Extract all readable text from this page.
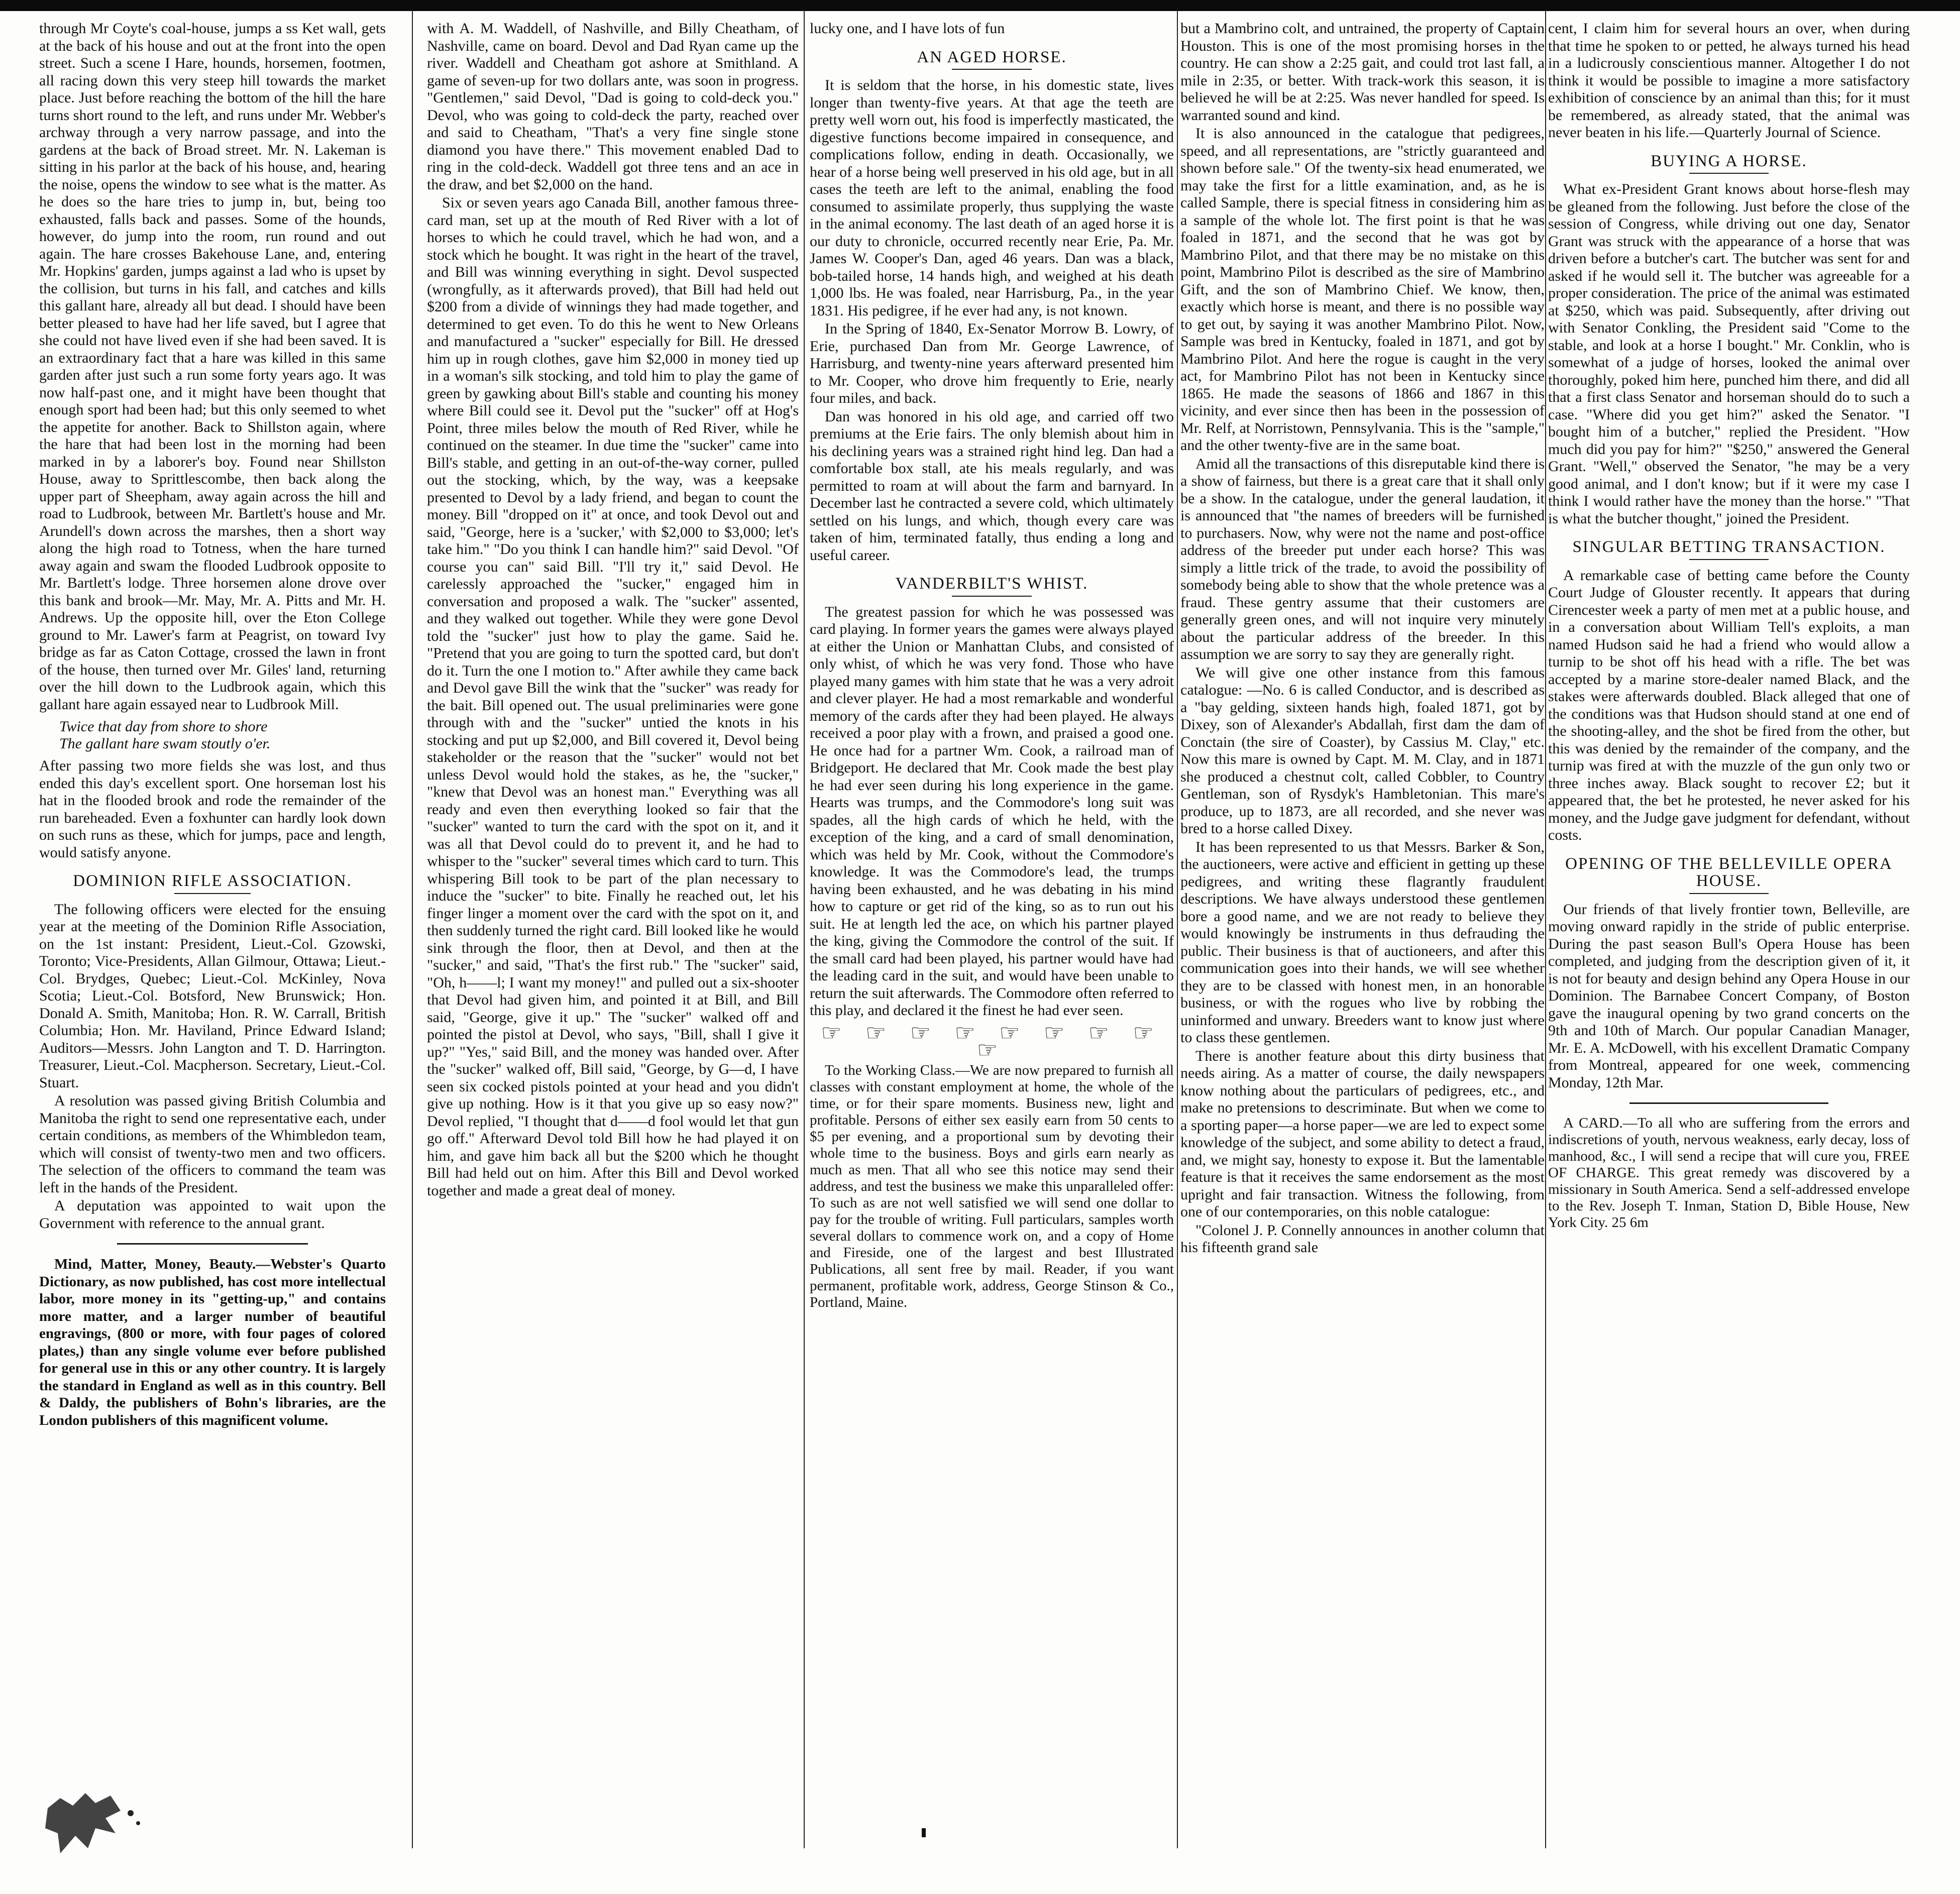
through Mr Coyte's coal-house, jumps a ss Ket wall, gets at the back of his house and out at the front into the open street. Such a scene I Hare, hounds, horsemen, footmen, all racing down this very steep hill towards the market place. Just before reaching the bottom of the hill the hare turns short round to the left, and runs under Mr. Webber's archway through a very narrow passage, and into the gardens at the back of Broad street. Mr. N. Lakeman is sitting in his parlor at the back of his house, and, hearing the noise, opens the window to see what is the matter. As he does so the hare tries to jump in, but, being too exhausted, falls back and passes. Some of the hounds, however, do jump into the room, run round and out again. The hare crosses Bakehouse Lane, and, entering Mr. Hopkins' garden, jumps against a lad who is upset by the collision, but turns in his fall, and catches and kills this gallant hare, already all but dead. I should have been better pleased to have had her life saved, but I agree that she could not have lived even if she had been saved. It is an extraordinary fact that a hare was killed in this same garden after just such a run some forty years ago. It was now half-past one, and it might have been thought that enough sport had been had; but this only seemed to whet the appetite for another. Back to Shillston again, where the hare that had been lost in the morning had been marked in by a laborer's boy. Found near Shillston House, away to Sprittlescombe, then back along the upper part of Sheepham, away again across the hill and road to Ludbrook, between Mr. Bartlett's house and Mr. Arundell's down across the marshes, then a short way along the high road to Totness, when the hare turned away again and swam the flooded Ludbrook opposite to Mr. Bartlett's lodge. Three horsemen alone drove over this bank and brook—Mr. May, Mr. A. Pitts and Mr. H. Andrews. Up the opposite hill, over the Eton College ground to Mr. Lawer's farm at Peagrist, on toward Ivy bridge as far as Caton Cottage, crossed the lawn in front of the house, then turned over Mr. Giles' land, returning over the hill down to the Ludbrook again, which this gallant hare again essayed near to Ludbrook Mill.

Twice that day from shore to shore
The gallant hare swam stoutly o'er.

After passing two more fields she was lost, and thus ended this day's excellent sport. One horseman lost his hat in the flooded brook and rode the remainder of the run bareheaded. Even a foxhunter can hardly look down on such runs as these, which for jumps, pace and length, would satisfy anyone.

DOMINION RIFLE ASSOCIATION.

The following officers were elected for the ensuing year at the meeting of the Dominion Rifle Association, on the 1st instant: President, Lieut.-Col. Gzowski, Toronto; Vice-Presidents, Allan Gilmour, Ottawa; Lieut.-Col. Brydges, Quebec; Lieut.-Col. McKinley, Nova Scotia; Lieut.-Col. Botsford, New Brunswick; Hon. Donald A. Smith, Manitoba; Hon. R. W. Carrall, British Columbia; Hon. Mr. Haviland, Prince Edward Island; Auditors—Messrs. John Langton and T. D. Harrington. Treasurer, Lieut.-Col. Macpherson. Secretary, Lieut.-Col. Stuart.

A resolution was passed giving British Columbia and Manitoba the right to send one representative each, under certain conditions, as members of the Whimbledon team, which will consist of twenty-two men and two officers. The selection of the officers to command the team was left in the hands of the President.

A deputation was appointed to wait upon the Government with reference to the annual grant.

Mind, Matter, Money, Beauty.—Webster's Quarto Dictionary, as now published, has cost more intellectual labor, more money in its "getting-up," and contains more matter, and a larger number of beautiful engravings, (800 or more, with four pages of colored plates,) than any single volume ever before published for general use in this or any other country. It is largely the standard in England as well as in this country. Bell & Daldy, the publishers of Bohn's libraries, are the London publishers of this magnificent volume.

with A. M. Waddell, of Nashville, and Billy Cheatham, of Nashville, came on board. Devol and Dad Ryan came up the river. Waddell and Cheatham got ashore at Smithland. A game of seven-up for two dollars ante, was soon in progress. "Gentlemen," said Devol, "Dad is going to cold-deck you." Devol, who was going to cold-deck the party, reached over and said to Cheatham, "That's a very fine single stone diamond you have there." This movement enabled Dad to ring in the cold-deck. Waddell got three tens and an ace in the draw, and bet $2,000 on the hand.

Six or seven years ago Canada Bill, another famous three-card man, set up at the mouth of Red River with a lot of horses to which he could travel, which he had won, and a stock which he bought. It was right in the heart of the travel, and Bill was winning everything in sight. Devol suspected (wrongfully, as it afterwards proved), that Bill had held out $200 from a divide of winnings they had made together, and determined to get even. To do this he went to New Orleans and manufactured a "sucker" especially for Bill. He dressed him up in rough clothes, gave him $2,000 in money tied up in a woman's silk stocking, and told him to play the game of green by gawking about Bill's stable and counting his money where Bill could see it. Devol put the "sucker" off at Hog's Point, three miles below the mouth of Red River, while he continued on the steamer. In due time the "sucker" came into Bill's stable, and getting in an out-of-the-way corner, pulled out the stocking, which, by the way, was a keepsake presented to Devol by a lady friend, and began to count the money. Bill "dropped on it" at once, and took Devol out and said, "George, here is a 'sucker,' with $2,000 to $3,000; let's take him." "Do you think I can handle him?" said Devol. "Of course you can" said Bill. "I'll try it," said Devol. He carelessly approached the "sucker," engaged him in conversation and proposed a walk. The "sucker" assented, and they walked out together. While they were gone Devol told the "sucker" just how to play the game. Said he. "Pretend that you are going to turn the spotted card, but don't do it. Turn the one I motion to." After awhile they came back and Devol gave Bill the wink that the "sucker" was ready for the bait. Bill opened out. The usual preliminaries were gone through with and the "sucker" untied the knots in his stocking and put up $2,000, and Bill covered it, Devol being stakeholder or the reason that the "sucker" would not bet unless Devol would hold the stakes, as he, the "sucker," "knew that Devol was an honest man." Everything was all ready and even then everything looked so fair that the "sucker" wanted to turn the card with the spot on it, and it was all that Devol could do to prevent it, and he had to whisper to the "sucker" several times which card to turn. This whispering Bill took to be part of the plan necessary to induce the "sucker" to bite. Finally he reached out, let his finger linger a moment over the card with the spot on it, and then suddenly turned the right card. Bill looked like he would sink through the floor, then at Devol, and then at the "sucker," and said, "That's the first rub." The "sucker" said, "Oh, h——l; I want my money!" and pulled out a six-shooter that Devol had given him, and pointed it at Bill, and Bill said, "George, give it up." The "sucker" walked off and pointed the pistol at Devol, who says, "Bill, shall I give it up?" "Yes," said Bill, and the money was handed over. After the "sucker" walked off, Bill said, "George, by G—d, I have seen six cocked pistols pointed at your head and you didn't give up nothing. How is it that you give up so easy now?" Devol replied, "I thought that d——d fool would let that gun go off." Afterward Devol told Bill how he had played it on him, and gave him back all but the $200 which he thought Bill had held out on him. After this Bill and Devol worked together and made a great deal of money.

lucky one, and I have lots of fun

AN AGED HORSE.

It is seldom that the horse, in his domestic state, lives longer than twenty-five years. At that age the teeth are pretty well worn out, his food is imperfectly masticated, the digestive functions become impaired in consequence, and complications follow, ending in death. Occasionally, we hear of a horse being well preserved in his old age, but in all cases the teeth are left to the animal, enabling the food consumed to assimilate properly, thus supplying the waste in the animal economy. The last death of an aged horse it is our duty to chronicle, occurred recently near Erie, Pa. Mr. James W. Cooper's Dan, aged 46 years. Dan was a black, bob-tailed horse, 14 hands high, and weighed at his death 1,000 lbs. He was foaled, near Harrisburg, Pa., in the year 1831. His pedigree, if he ever had any, is not known.

In the Spring of 1840, Ex-Senator Morrow B. Lowry, of Erie, purchased Dan from Mr. George Lawrence, of Harrisburg, and twenty-nine years afterward presented him to Mr. Cooper, who drove him frequently to Erie, nearly four miles, and back.

Dan was honored in his old age, and carried off two premiums at the Erie fairs. The only blemish about him in his declining years was a strained right hind leg. Dan had a comfortable box stall, ate his meals regularly, and was permitted to roam at will about the farm and barnyard. In December last he contracted a severe cold, which ultimately settled on his lungs, and which, though every care was taken of him, terminated fatally, thus ending a long and useful career.

VANDERBILT'S WHIST.

The greatest passion for which he was possessed was card playing. In former years the games were always played at either the Union or Manhattan Clubs, and consisted of only whist, of which he was very fond. Those who have played many games with him state that he was a very adroit and clever player. He had a most remarkable and wonderful memory of the cards after they had been played. He always received a poor play with a frown, and praised a good one. He once had for a partner Wm. Cook, a railroad man of Bridgeport. He declared that Mr. Cook made the best play he had ever seen during his long experience in the game. Hearts was trumps, and the Commodore's long suit was spades, all the high cards of which he held, with the exception of the king, and a card of small denomination, which was held by Mr. Cook, without the Commodore's knowledge. It was the Commodore's lead, the trumps having been exhausted, and he was debating in his mind how to capture or get rid of the king, so as to run out his suit. He at length led the ace, on which his partner played the king, giving the Commodore the control of the suit. If the small card had been played, his partner would have had the leading card in the suit, and would have been unable to return the suit afterwards. The Commodore often referred to this play, and declared it the finest he had ever seen.

☞ ☞ ☞ ☞ ☞ ☞ ☞ ☞ ☞

To the Working Class.—We are now prepared to furnish all classes with constant employment at home, the whole of the time, or for their spare moments. Business new, light and profitable. Persons of either sex easily earn from 50 cents to $5 per evening, and a proportional sum by devoting their whole time to the business. Boys and girls earn nearly as much as men. That all who see this notice may send their address, and test the business we make this unparalleled offer: To such as are not well satisfied we will send one dollar to pay for the trouble of writing. Full particulars, samples worth several dollars to commence work on, and a copy of Home and Fireside, one of the largest and best Illustrated Publications, all sent free by mail. Reader, if you want permanent, profitable work, address, George Stinson & Co., Portland, Maine.

but a Mambrino colt, and untrained, the property of Captain Houston. This is one of the most promising horses in the country. He can show a 2:25 gait, and could trot last fall, a mile in 2:35, or better. With track-work this season, it is believed he will be at 2:25. Was never handled for speed. Is warranted sound and kind.

It is also announced in the catalogue that pedigrees, speed, and all representations, are "strictly guaranteed and shown before sale." Of the twenty-six head enumerated, we may take the first for a little examination, and, as he is called Sample, there is special fitness in considering him as a sample of the whole lot. The first point is that he was foaled in 1871, and the second that he was got by Mambrino Pilot, and that there may be no mistake on this point, Mambrino Pilot is described as the sire of Mambrino Gift, and the son of Mambrino Chief. We know, then, exactly which horse is meant, and there is no possible way to get out, by saying it was another Mambrino Pilot. Now, Sample was bred in Kentucky, foaled in 1871, and got by Mambrino Pilot. And here the rogue is caught in the very act, for Mambrino Pilot has not been in Kentucky since 1865. He made the seasons of 1866 and 1867 in this vicinity, and ever since then has been in the possession of Mr. Relf, at Norristown, Pennsylvania. This is the "sample," and the other twenty-five are in the same boat.

Amid all the transactions of this disreputable kind there is a show of fairness, but there is a great care that it shall only be a show. In the catalogue, under the general laudation, it is announced that "the names of breeders will be furnished to purchasers. Now, why were not the name and post-office address of the breeder put under each horse? This was simply a little trick of the trade, to avoid the possibility of somebody being able to show that the whole pretence was a fraud. These gentry assume that their customers are generally green ones, and will not inquire very minutely about the particular address of the breeder. In this assumption we are sorry to say they are generally right.

We will give one other instance from this famous catalogue: —No. 6 is called Conductor, and is described as a "bay gelding, sixteen hands high, foaled 1871, got by Dixey, son of Alexander's Abdallah, first dam the dam of Conctain (the sire of Coaster), by Cassius M. Clay," etc. Now this mare is owned by Capt. M. M. Clay, and in 1871 she produced a chestnut colt, called Cobbler, to Country Gentleman, son of Rysdyk's Hambletonian. This mare's produce, up to 1873, are all recorded, and she never was bred to a horse called Dixey.

It has been represented to us that Messrs. Barker & Son, the auctioneers, were active and efficient in getting up these pedigrees, and writing these flagrantly fraudulent descriptions. We have always understood these gentlemen bore a good name, and we are not ready to believe they would knowingly be instruments in thus defrauding the public. Their business is that of auctioneers, and after this communication goes into their hands, we will see whether they are to be classed with honest men, in an honorable business, or with the rogues who live by robbing the uninformed and unwary. Breeders want to know just where to class these gentlemen.

There is another feature about this dirty business that needs airing. As a matter of course, the daily newspapers know nothing about the particulars of pedigrees, etc., and make no pretensions to descriminate. But when we come to a sporting paper—a horse paper—we are led to expect some knowledge of the subject, and some ability to detect a fraud, and, we might say, honesty to expose it. But the lamentable feature is that it receives the same endorsement as the most upright and fair transaction. Witness the following, from one of our contemporaries, on this noble catalogue:

"Colonel J. P. Connelly announces in another column that his fifteenth grand sale

cent, I claim him for several hours an over, when during that time he spoken to or petted, he always turned his head in a ludicrously conscientious manner. Altogether I do not think it would be possible to imagine a more satisfactory exhibition of conscience by an animal than this; for it must be remembered, as already stated, that the animal was never beaten in his life.—Quarterly Journal of Science.

BUYING A HORSE.

What ex-President Grant knows about horse-flesh may be gleaned from the following. Just before the close of the session of Congress, while driving out one day, Senator Grant was struck with the appearance of a horse that was driven before a butcher's cart. The butcher was sent for and asked if he would sell it. The butcher was agreeable for a proper consideration. The price of the animal was estimated at $250, which was paid. Subsequently, after driving out with Senator Conkling, the President said "Come to the stable, and look at a horse I bought." Mr. Conklin, who is somewhat of a judge of horses, looked the animal over thoroughly, poked him here, punched him there, and did all that a first class Senator and horseman should do to such a case. "Where did you get him?" asked the Senator. "I bought him of a butcher," replied the President. "How much did you pay for him?" "$250," answered the General Grant. "Well," observed the Senator, "he may be a very good animal, and I don't know; but if it were my case I think I would rather have the money than the horse." "That is what the butcher thought," joined the President.

SINGULAR BETTING TRANSACTION.

A remarkable case of betting came before the County Court Judge of Glouster recently. It appears that during Cirencester week a party of men met at a public house, and in a conversation about William Tell's exploits, a man named Hudson said he had a friend who would allow a turnip to be shot off his head with a rifle. The bet was accepted by a marine store-dealer named Black, and the stakes were afterwards doubled. Black alleged that one of the conditions was that Hudson should stand at one end of the shooting-alley, and the shot be fired from the other, but this was denied by the remainder of the company, and the turnip was fired at with the muzzle of the gun only two or three inches away. Black sought to recover £2; but it appeared that, the bet he protested, he never asked for his money, and the Judge gave judgment for defendant, without costs.

OPENING OF THE BELLEVILLE OPERA HOUSE.

Our friends of that lively frontier town, Belleville, are moving onward rapidly in the stride of public enterprise. During the past season Bull's Opera House has been completed, and judging from the description given of it, it is not for beauty and design behind any Opera House in our Dominion. The Barnabee Concert Company, of Boston gave the inaugural opening by two grand concerts on the 9th and 10th of March. Our popular Canadian Manager, Mr. E. A. McDowell, with his excellent Dramatic Company from Montreal, appeared for one week, commencing Monday, 12th Mar.

A CARD.—To all who are suffering from the errors and indiscretions of youth, nervous weakness, early decay, loss of manhood, &c., I will send a recipe that will cure you, FREE OF CHARGE. This great remedy was discovered by a missionary in South America. Send a self-addressed envelope to the Rev. Joseph T. Inman, Station D, Bible House, New York City. 25 6m
